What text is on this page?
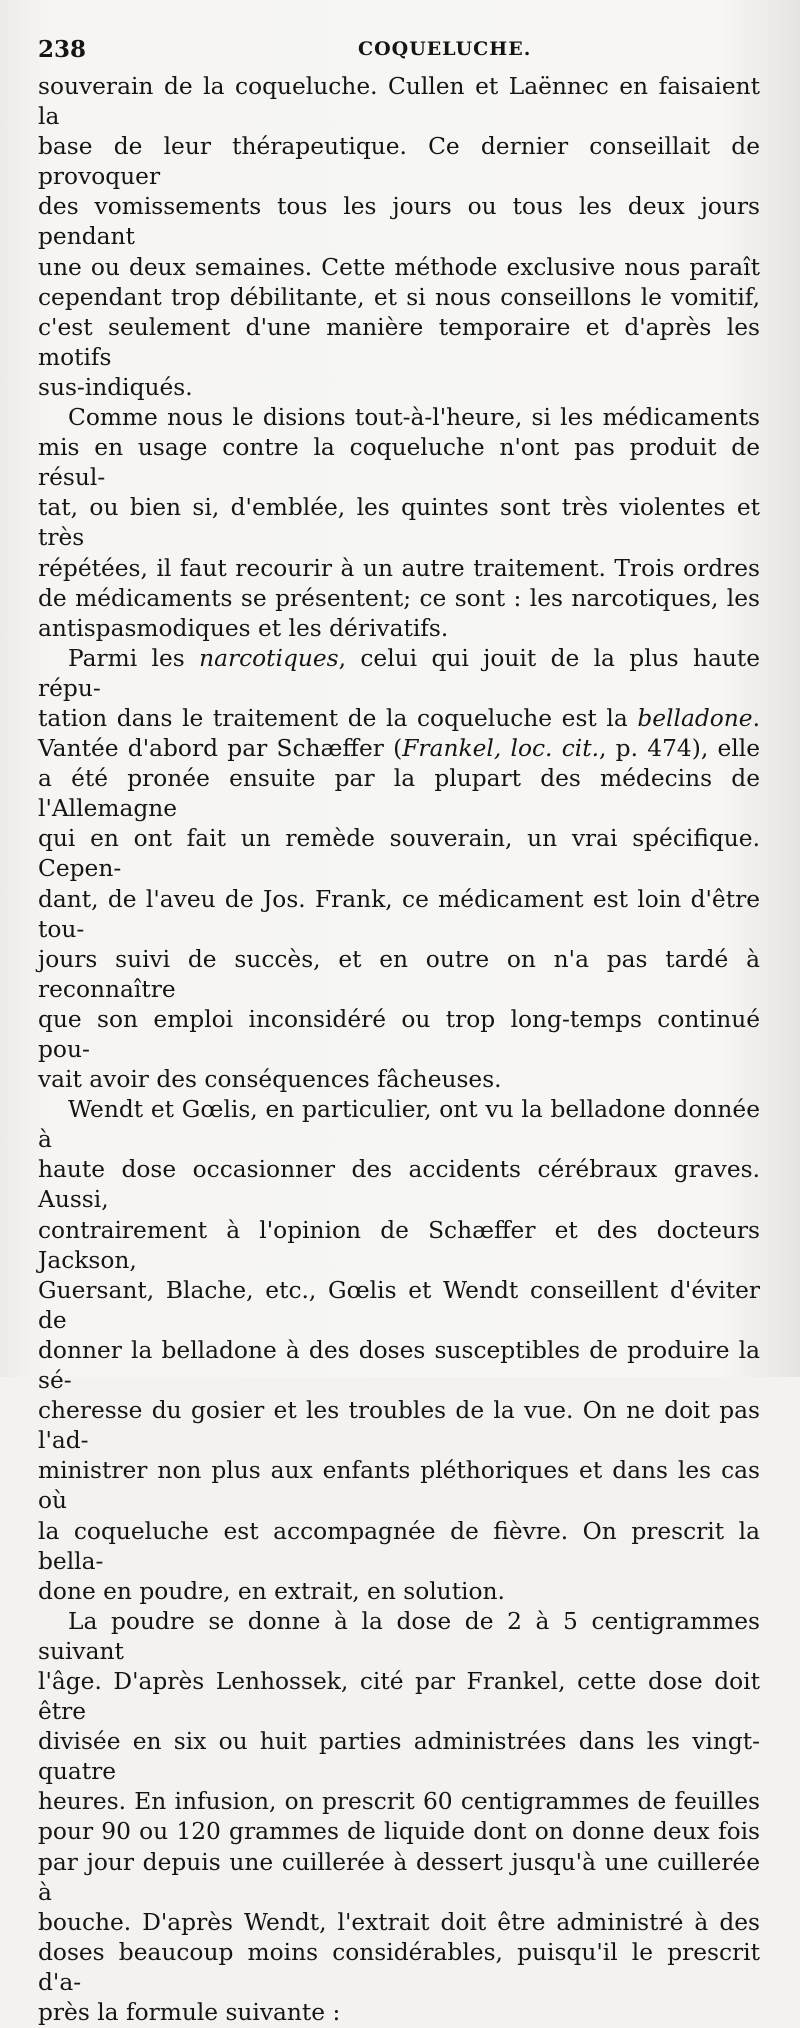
238	COQUELUCHE.

souverain de la coqueluche. Cullen et Laënnec en faisaient la
base de leur thérapeutique. Ce dernier conseillait de provoquer
des vomissements tous les jours ou tous les deux jours pendant
une ou deux semaines. Cette méthode exclusive nous paraît
cependant trop débilitante, et si nous conseillons le vomitif,
c'est seulement d'une manière temporaire et d'après les motifs
sus-indiqués.

Comme nous le disions tout-à-l'heure, si les médicaments
mis en usage contre la coqueluche n'ont pas produit de résul-
tat, ou bien si, d'emblée, les quintes sont très violentes et très
répétées, il faut recourir à un autre traitement. Trois ordres
de médicaments se présentent; ce sont : les narcotiques, les
antispasmodiques et les dérivatifs.

Parmi les narcotiques, celui qui jouit de la plus haute répu-
tation dans le traitement de la coqueluche est la belladone.
Vantée d'abord par Schæffer (Frankel, loc. cit., p. 474), elle
a été pronée ensuite par la plupart des médecins de l'Allemagne
qui en ont fait un remède souverain, un vrai spécifique. Cepen-
dant, de l'aveu de Jos. Frank, ce médicament est loin d'être tou-
jours suivi de succès, et en outre on n'a pas tardé à reconnaître
que son emploi inconsidéré ou trop long-temps continué pou-
vait avoir des conséquences fâcheuses.

Wendt et Gœlis, en particulier, ont vu la belladone donnée à
haute dose occasionner des accidents cérébraux graves. Aussi,
contrairement à l'opinion de Schæffer et des docteurs Jackson,
Guersant, Blache, etc., Gœlis et Wendt conseillent d'éviter de
donner la belladone à des doses susceptibles de produire la sé-
cheresse du gosier et les troubles de la vue. On ne doit pas l'ad-
ministrer non plus aux enfants pléthoriques et dans les cas où
la coqueluche est accompagnée de fièvre. On prescrit la bella-
done en poudre, en extrait, en solution.

La poudre se donne à la dose de 2 à 5 centigrammes suivant
l'âge. D'après Lenhossek, cité par Frankel, cette dose doit être
divisée en six ou huit parties administrées dans les vingt-quatre
heures. En infusion, on prescrit 60 centigrammes de feuilles
pour 90 ou 120 grammes de liquide dont on donne deux fois
par jour depuis une cuillerée à dessert jusqu'à une cuillerée à
bouche. D'après Wendt, l'extrait doit être administré à des
doses beaucoup moins considérables, puisqu'il le prescrit d'a-
près la formule suivante :
